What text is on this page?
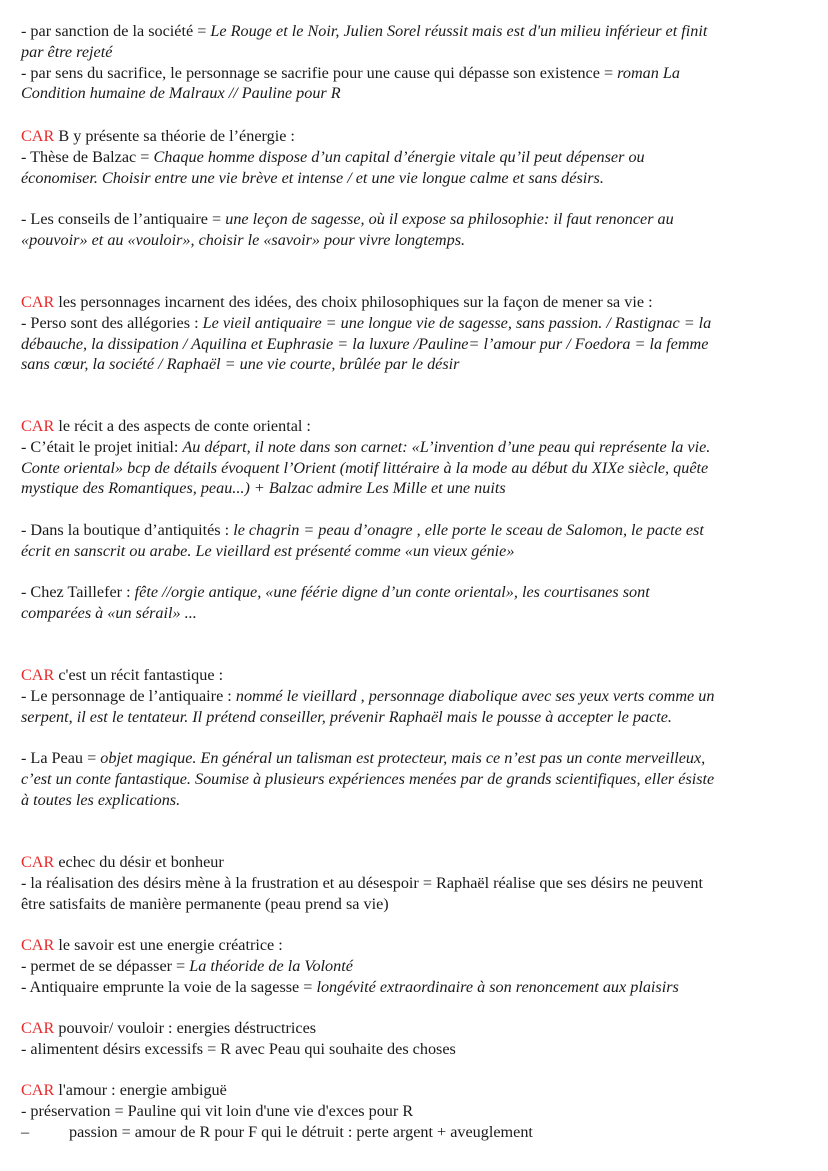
- par sanction de la société = Le Rouge et le Noir, Julien Sorel réussit mais est d'un milieu inférieur et finit
par être rejeté
- par sens du sacrifice, le personnage se sacrifie pour une cause qui dépasse son existence = roman La
Condition humaine de Malraux // Pauline pour R
CAR B y présente sa théorie de l’énergie :
- Thèse de Balzac = Chaque homme dispose d’un capital d’énergie vitale qu’il peut dépenser ou
économiser. Choisir entre une vie brève et intense / et une vie longue calme et sans désirs.
- Les conseils de l’antiquaire = une leçon de sagesse, où il expose sa philosophie: il faut renoncer au
«pouvoir» et au «vouloir», choisir le «savoir» pour vivre longtemps.
CAR les personnages incarnent des idées, des choix philosophiques sur la façon de mener sa vie :
- Perso sont des allégories : Le vieil antiquaire = une longue vie de sagesse, sans passion. / Rastignac = la
débauche, la dissipation / Aquilina et Euphrasie = la luxure /Pauline= l’amour pur / Foedora = la femme
sans cœur, la société / Raphaël = une vie courte, brûlée par le désir
CAR le récit a des aspects de conte oriental :
- C’était le projet initial: Au départ, il note dans son carnet: «L’invention d’une peau qui représente la vie.
Conte oriental» bcp de détails évoquent l’Orient (motif littéraire à la mode au début du XIXe siècle, quête
mystique des Romantiques, peau...) + Balzac admire Les Mille et une nuits
- Dans la boutique d’antiquités : le chagrin = peau d’onagre , elle porte le sceau de Salomon, le pacte est
écrit en sanscrit ou arabe. Le vieillard est présenté comme «un vieux génie»
- Chez Taillefer : fête //orgie antique, «une féérie digne d’un conte oriental», les courtisanes sont
comparées à «un sérail» ...
CAR c'est un récit fantastique :
- Le personnage de l’antiquaire : nommé le vieillard , personnage diabolique avec ses yeux verts comme un
serpent, il est le tentateur. Il prétend conseiller, prévenir Raphaël mais le pousse à accepter le pacte.
- La Peau = objet magique. En général un talisman est protecteur, mais ce n’est pas un conte merveilleux,
c’est un conte fantastique. Soumise à plusieurs expériences menées par de grands scientifiques, eller ésiste
à toutes les explications.
CAR echec du désir et bonheur
- la réalisation des désirs mène à la frustration et au désespoir = Raphaël réalise que ses désirs ne peuvent
être satisfaits de manière permanente (peau prend sa vie)
CAR le savoir est une energie créatrice :
- permet de se dépasser = La théoride de la Volonté
- Antiquaire emprunte la voie de la sagesse = longévité extraordinaire à son renoncement aux plaisirs
CAR pouvoir/ vouloir : energies déstructrices
- alimentent désirs excessifs = R avec Peau qui souhaite des choses
CAR l'amour : energie ambiguë
- préservation = Pauline qui vit loin d'une vie d'exces pour R
– passion = amour de R pour F qui le détruit : perte argent + aveuglement
